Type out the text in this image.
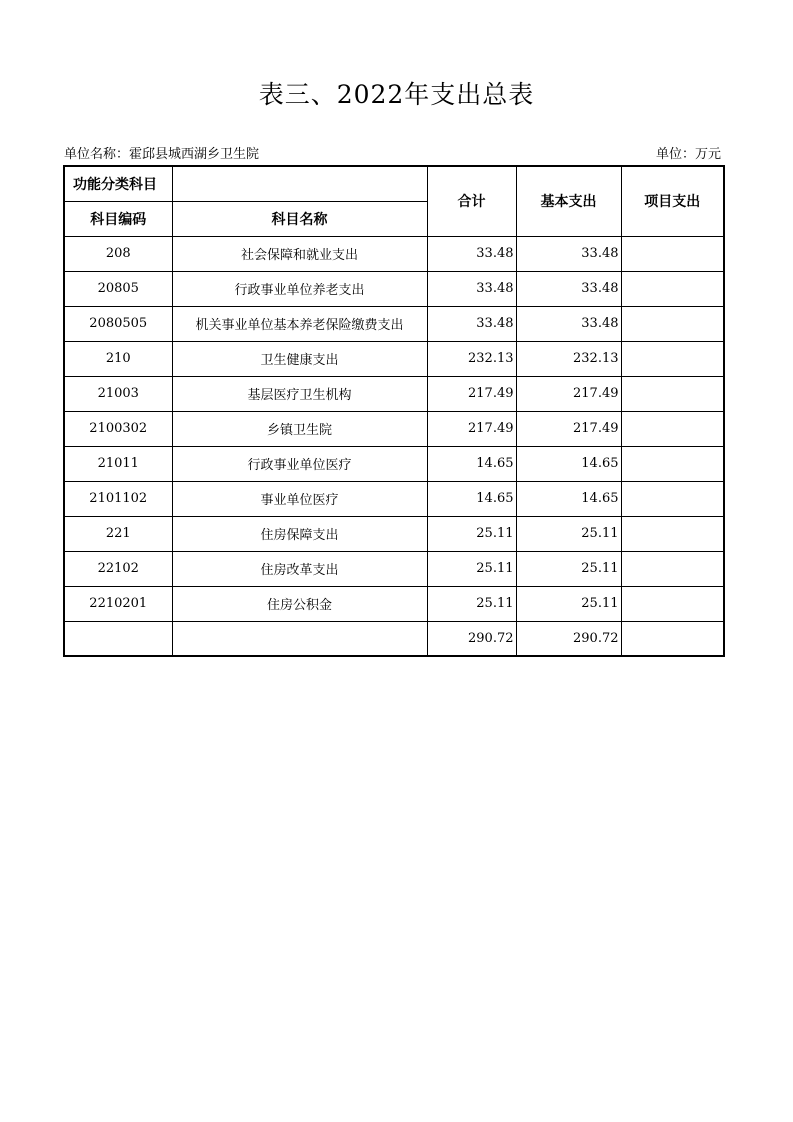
表三、2022年支出总表
单位名称：霍邱县城西湖乡卫生院	单位：万元
功能分类科目		合计	基本支出	项目支出
科目编码	科目名称			
208	社会保障和就业支出	33.48	33.48	
20805	行政事业单位养老支出	33.48	33.48	
2080505	机关事业单位基本养老保险缴费支出	33.48	33.48	
210	卫生健康支出	232.13	232.13	
21003	基层医疗卫生机构	217.49	217.49	
2100302	乡镇卫生院	217.49	217.49	
21011	行政事业单位医疗	14.65	14.65	
2101102	事业单位医疗	14.65	14.65	
221	住房保障支出	25.11	25.11	
22102	住房改革支出	25.11	25.11	
2210201	住房公积金	25.11	25.11	
		290.72	290.72	
